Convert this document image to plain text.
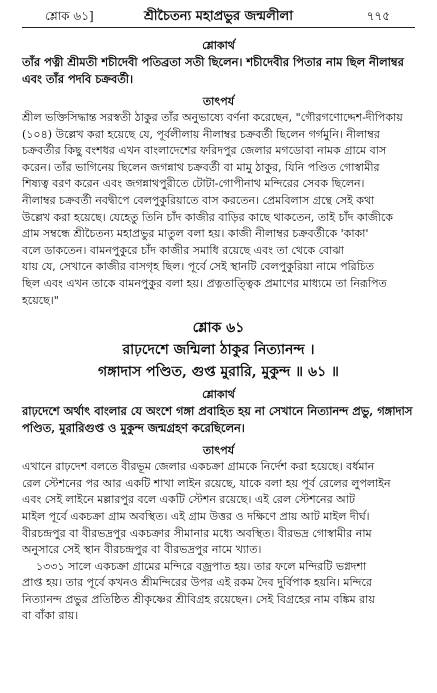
শ্লোক ৬১]	শ্রীচৈতন্য মহাপ্রভুর জন্মলীলা	৭৭৫

শ্লোকার্থ

তাঁর পত্নী শ্রীমতী শচীদেবী পতিব্রতা সতী ছিলেন। শচীদেবীর পিতার নাম ছিল নীলাম্বর

এবং তাঁর পদবি চক্রবর্তী।

তাৎপর্য

শ্রীল ভক্তিসিদ্ধান্ত সরস্বতী ঠাকুর তাঁর অনুভাষ্যে বর্ণনা করেছেন, "গৌরগণোদ্দেশ-দীপিকায়

(১০৪) উল্লেখ করা হয়েছে যে, পূর্বলীলায় নীলাম্বর চক্রবর্তী ছিলেন গর্গমুনি। নীলাম্বর

চক্রবর্তীর কিছু বংশধর এখন বাংলাদেশের ফরিদপুর জেলার মগডোবা নামক গ্রামে বাস

করেন। তাঁর ভাগিনেয় ছিলেন জগন্নাথ চক্রবর্তী বা মামু ঠাকুর, যিনি পণ্ডিত গোস্বামীর

শিষ্যত্ব বরণ করেন এবং জগন্নাথপুরীতে টোটা-গোপীনাথ মন্দিরের সেবক ছিলেন।

নীলাম্বর চক্রবর্তী নবদ্বীপে বেলপুকুরিয়াতে বাস করতেন। প্রেমবিলাস গ্রন্থে সেই কথা

উল্লেখ করা হয়েছে। যেহেতু তিনি চাঁদ কাজীর বাড়ির কাছে থাকতেন, তাই চাঁদ কাজীকে

গ্রাম সম্বন্ধে শ্রীচৈতন্য মহাপ্রভুর মাতুল বলা হয়। কাজী নীলাম্বর চক্রবর্তীকে 'কাকা'

বলে ডাকতেন। বামনপুকুরে চাঁদ কাজীর সমাধি রয়েছে এবং তা থেকে বোঝা

যায় যে, সেখানে কাজীর বাসগৃহ ছিল। পূর্বে সেই স্থানটি বেলপুকুরিয়া নামে পরিচিত

ছিল এবং এখন তাকে বামনপুকুর বলা হয়। প্রত্নতাত্ত্বিক প্রমাণের মাধ্যমে তা নিরূপিত

হয়েছে।"

শ্লোক ৬১

রাঢ়দেশে জন্মিলা ঠাকুর নিত্যানন্দ ।

গঙ্গাদাস পণ্ডিত, গুপ্ত মুরারি, মুকুন্দ ॥ ৬১ ॥

শ্লোকার্থ

রাঢ়দেশে অর্থাৎ বাংলার যে অংশে গঙ্গা প্রবাহিত হয় না সেখানে নিত্যানন্দ প্রভু, গঙ্গাদাস

পণ্ডিত, মুরারিগুপ্ত ও মুকুন্দ জন্মগ্রহণ করেছিলেন।

তাৎপর্য

এখানে রাঢ়দেশ বলতে বীরভূম জেলার একচক্রা গ্রামকে নির্দেশ করা হয়েছে। বর্ধমান

রেল স্টেশনের পর আর একটি শাখা লাইন রয়েছে, যাকে বলা হয় পূর্ব রেলের লুপলাইন

এবং সেই লাইনে মল্লারপুর বলে একটি স্টেশন রয়েছে। এই রেল স্টেশনের আট

মাইল পূর্বে একচক্রা গ্রাম অবস্থিত। এই গ্রাম উত্তর ও দক্ষিণে প্রায় আট মাইল দীর্ঘ।

বীরচন্দ্রপুর বা বীরভদ্রপুর একচক্রার সীমানার মধ্যে অবস্থিত। বীরভদ্র গোস্বামীর নাম

অনুসারে সেই স্থান বীরচন্দ্রপুর বা বীরভদ্রপুর নামে খ্যাত।

১৩৩১ সালে একচক্রা গ্রামের মন্দিরে বজ্রপাত হয়। তার ফলে মন্দিরটি ভগ্নদশা

প্রাপ্ত হয়। তার পূর্বে কখনও শ্রীমন্দিরের উপর এই রকম দৈব দুর্বিপাক হয়নি। মন্দিরে

নিত্যানন্দ প্রভুর প্রতিষ্ঠিত শ্রীকৃষ্ণের শ্রীবিগ্রহ রয়েছেন। সেই বিগ্রহের নাম বঙ্কিম রায়

বা বাঁকা রায়।
